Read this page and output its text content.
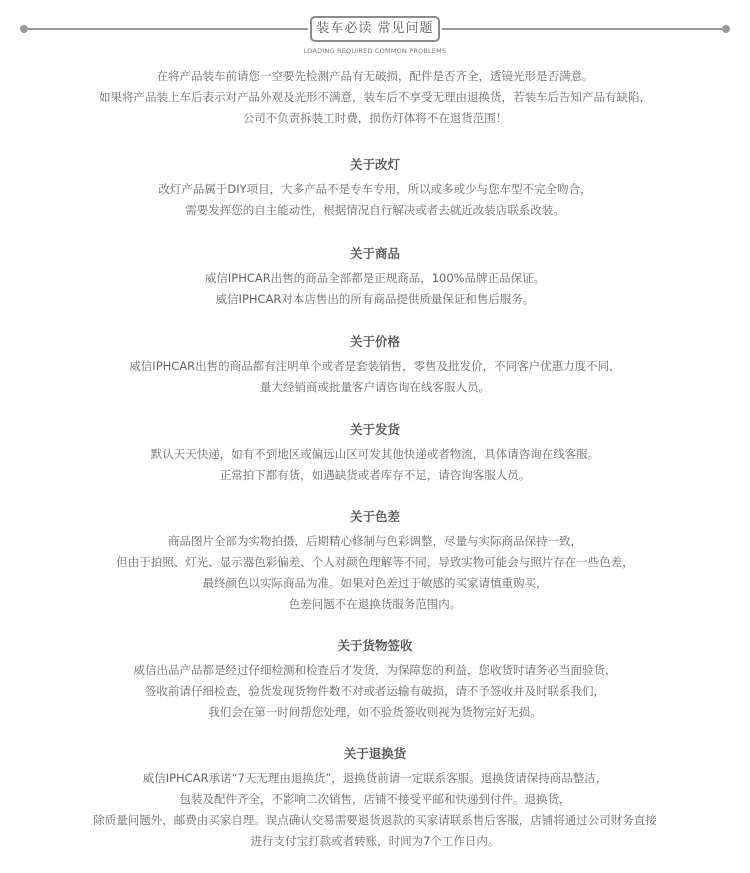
装车必读 常见问题
LOADING REQUIRED COMMON PROBLEMS
在将产品装车前请您一空要先检测产品有无破损，配件是否齐全，透镜光形是否满意。
如果将产品装上车后表示对产品外观及光形不满意，装车后不享受无理由退换货，若装车后告知产品有缺陷，
公司不负责拆装工时费，损伤灯体将不在退货范围！
关于改灯
改灯产品属于DIY项目，大多产品不是专车专用，所以或多或少与您车型不完全吻合，
需要发挥您的自主能动性，根据情况自行解决或者去就近改装店联系改装。
关于商品
威信IPHCAR出售的商品全部都是正规商品，100%品牌正品保证。
威信IPHCAR对本店售出的所有商品提供质量保证和售后服务。
关于价格
威信IPHCAR出售的商品都有注明单个或者是套装销售，零售及批发价，不同客户优惠力度不同，
量大经销商或批量客户请咨询在线客服人员。
关于发货
默认天天快递，如有不到地区或偏远山区可发其他快递或者物流，具体请咨询在线客服。
正常拍下都有货，如遇缺货或者库存不足，请咨询客服人员。
关于色差
商品图片全部为实物拍摄，后期精心修制与色彩调整，尽量与实际商品保持一致，
但由于拍照、灯光、显示器色彩偏差、个人对颜色理解等不同，导致实物可能会与照片存在一些色差，
最终颜色以实际商品为准。如果对色差过于敏感的买家请慎重购买，
色差问题不在退换货服务范围内。
关于货物签收
威信出品产品都是经过仔细检测和检查后才发货，为保障您的利益，您收货时请务必当面验货，
签收前请仔细检查，验货发现货物件数不对或者运输有破损，请不予签收并及时联系我们，
我们会在第一时间帮您处理，如不验货签收则视为货物完好无损。
关于退换货
威信IPHCAR承诺“7天无理由退换货”，退换货前请一定联系客服。退换货请保持商品整洁，
包装及配件齐全，不影响二次销售，店铺不接受平邮和快递到付件。退换货，
除质量问题外，邮费由买家自理。误点确认交易需要退货退款的买家请联系售后客服，店铺将通过公司财务直接
进行支付宝打款或者转账，时间为7个工作日内。
